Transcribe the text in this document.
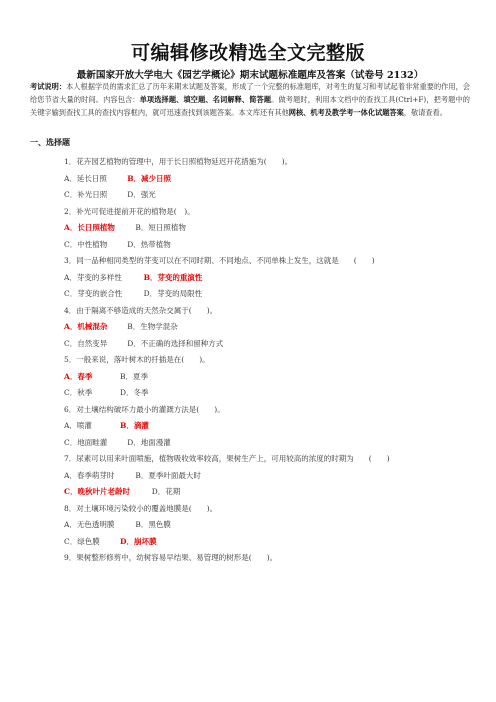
可编辑修改精选全文完整版
最新国家开放大学电大《园艺学概论》期末试题标准题库及答案（试卷号 2132）
考试说明：本人根据学员的需求汇总了历年来期末试题及答案，形成了一个完整的标准题库，对考生的复习和考试起着非常重要的作用，会给您节省大量的时间。内容包含：单项选择题、填空题、名词解释、简答题。做考题时，利用本文档中的查找工具(Ctrl+F)，把考题中的关键字输到查找工具的查找内容框内，就可迅速查找到该题答案。本文库还有其他网核、机考及教学考一体化试题答案，敬请查看。
一、选择题
1．花卉园艺植物的管理中，用于长日照植物延迟开花措施为(　　)。
A．延长日照	B．减少日照
C．补光日照	D．强光
2．补光可促进提前开花的植物是(　)。
A．长日照植物	B．短日照植物
C．中性植物	D．热带植物
3．同一品种相同类型的芽变可以在不同时期、不同地点、不同单株上发生，这就是　　(　　)
A．芽变的多样性	B．芽变的重演性
C．芽变的嵌合性	D．芽变的局限性
4．由于隔离不够造成的天然杂交属于(　　)。
A．机械混杂	B．生物学混杂
C．自然变异	D．不正确的选择和留种方式
5．一般来说，落叶树木的扦插是在(　　)。
A．春季	B．夏季
C．秋季	D．冬季
6．对土壤结构破坏力最小的灌溉方法是(　　)。
A．喷灌	B．滴灌
C．地面畦灌	D．地面漫灌
7．尿素可以用来叶面喷施，植物吸收效率较高，果树生产上，可用较高的浓度的时期为　　(　　)
A．春季萌芽时	B．夏季叶面最大时
C．晚秋叶片老龄时	D．花期
8．对土壤环境污染较小的覆盖地膜是(　　)。
A．无色透明膜	B．黑色膜
C．绿色膜	D．崩坏膜
9．果树整形修剪中，幼树容易早结果、易管理的树形是(　　)。
